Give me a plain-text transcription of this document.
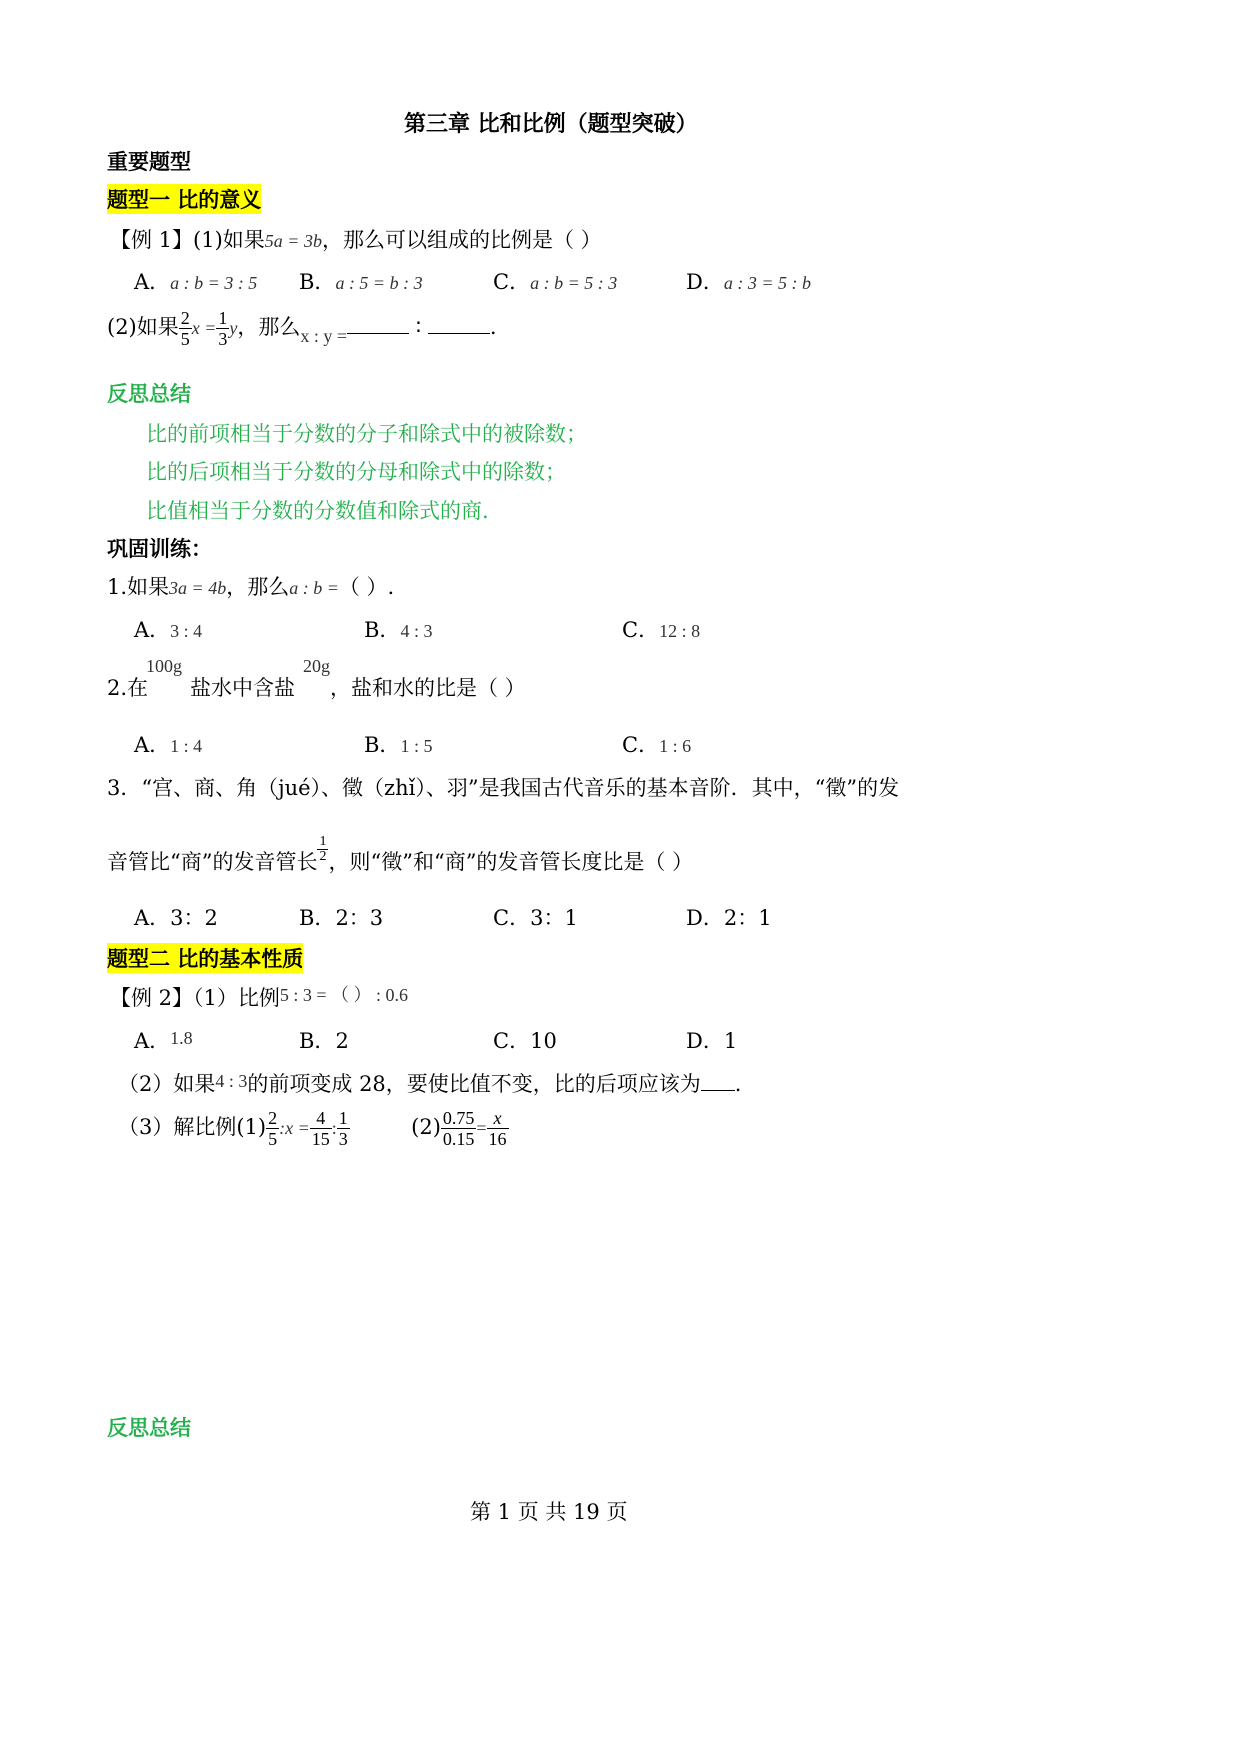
第三章 比和比例（题型突破）
重要题型
题型一 比的意义
【例 1】(1)如果5a = 3b，那么可以组成的比例是（ ）
A．a : b = 3 : 5 B．a : 5 = b : 3	C．a : b = 5 : 3	D．a : 3 = 5 : b
(2)如果 $\frac{2}{5}$ $x = \frac{1}{3}$ y，那么x : y =	∶	.
反思总结
比的前项相当于分数的分子和除式中的被除数；
比的后项相当于分数的分母和除式中的除数；
比值相当于分数的分数值和除式的商.
巩固训练：
1.如果3a = 4b，那么a : b =（ ）.
A．3 : 4	B．4 : 3	C．12 : 8
2.在
100g
盐水中含盐
20g
，盐和水的比是（ ）
A．1 : 4	B．1 : 5	C．1 : 6
3．“宫、商、角（jué）、徵（zhǐ）、羽”是我国古代音乐的基本音阶．其中，“徵”的发
音管比“商”的发音管长 $\frac{1}{2}$ ，则“徵”和“商”的发音管长度比是（ ）
A．3：2	B．2：3	C．3：1	D．2：1
题型二 比的基本性质
【例 2】（1）比例5 : 3 = （ ） : 0.6
A．1.8	B．2	C．10	D．1
（2）如果4 : 3的前项变成 28，要使比值不变，比的后项应该为 .
（3）解比例$(1) \frac{2}{5}$ :x = $\frac{4}{15}$ : $\frac{1}{3}$	$(2) \frac{0.75}{0.15} = \frac{x}{16}$
反思总结
第 1 页 共 19 页
